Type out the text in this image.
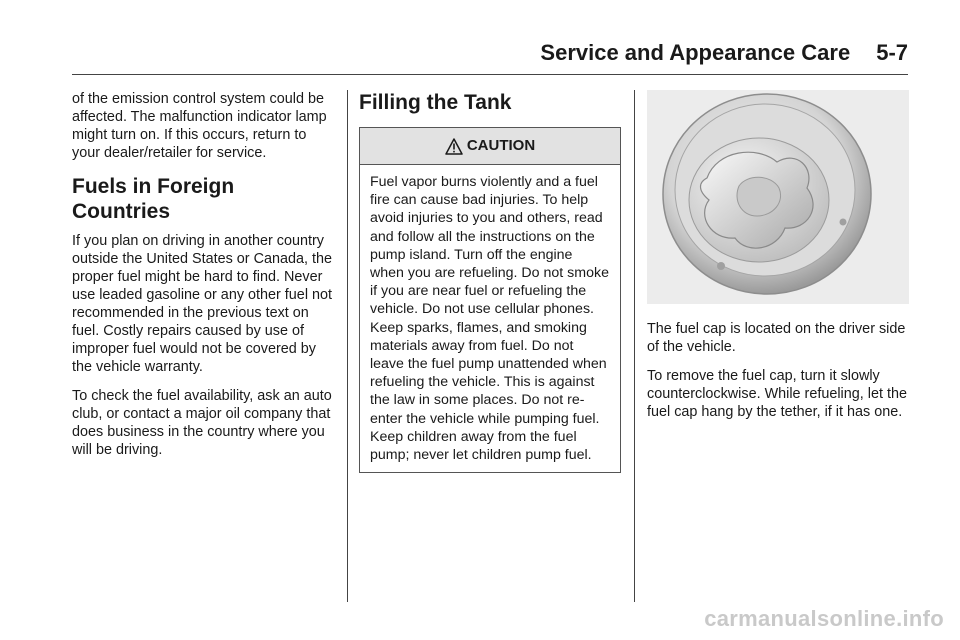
Service and Appearance Care 5-7

of the emission control system could be affected. The malfunction indicator lamp might turn on. If this occurs, return to your dealer/retailer for service.

Fuels in Foreign Countries

If you plan on driving in another country outside the United States or Canada, the proper fuel might be hard to find. Never use leaded gasoline or any other fuel not recommended in the previous text on fuel. Costly repairs caused by use of improper fuel would not be covered by the vehicle warranty.

To check the fuel availability, ask an auto club, or contact a major oil company that does business in the country where you will be driving.

Filling the Tank
CAUTION
Fuel vapor burns violently and a fuel fire can cause bad injuries. To help avoid injuries to you and others, read and follow all the instructions on the pump island. Turn off the engine when you are refueling. Do not smoke if you are near fuel or refueling the vehicle. Do not use cellular phones. Keep sparks, flames, and smoking materials away from fuel. Do not leave the fuel pump unattended when refueling the vehicle. This is against the law in some places. Do not re-enter the vehicle while pumping fuel. Keep children away from the fuel pump; never let children pump fuel.

The fuel cap is located on the driver side of the vehicle.

To remove the fuel cap, turn it slowly counterclockwise. While refueling, let the fuel cap hang by the tether, if it has one.

carmanualsonline.info
